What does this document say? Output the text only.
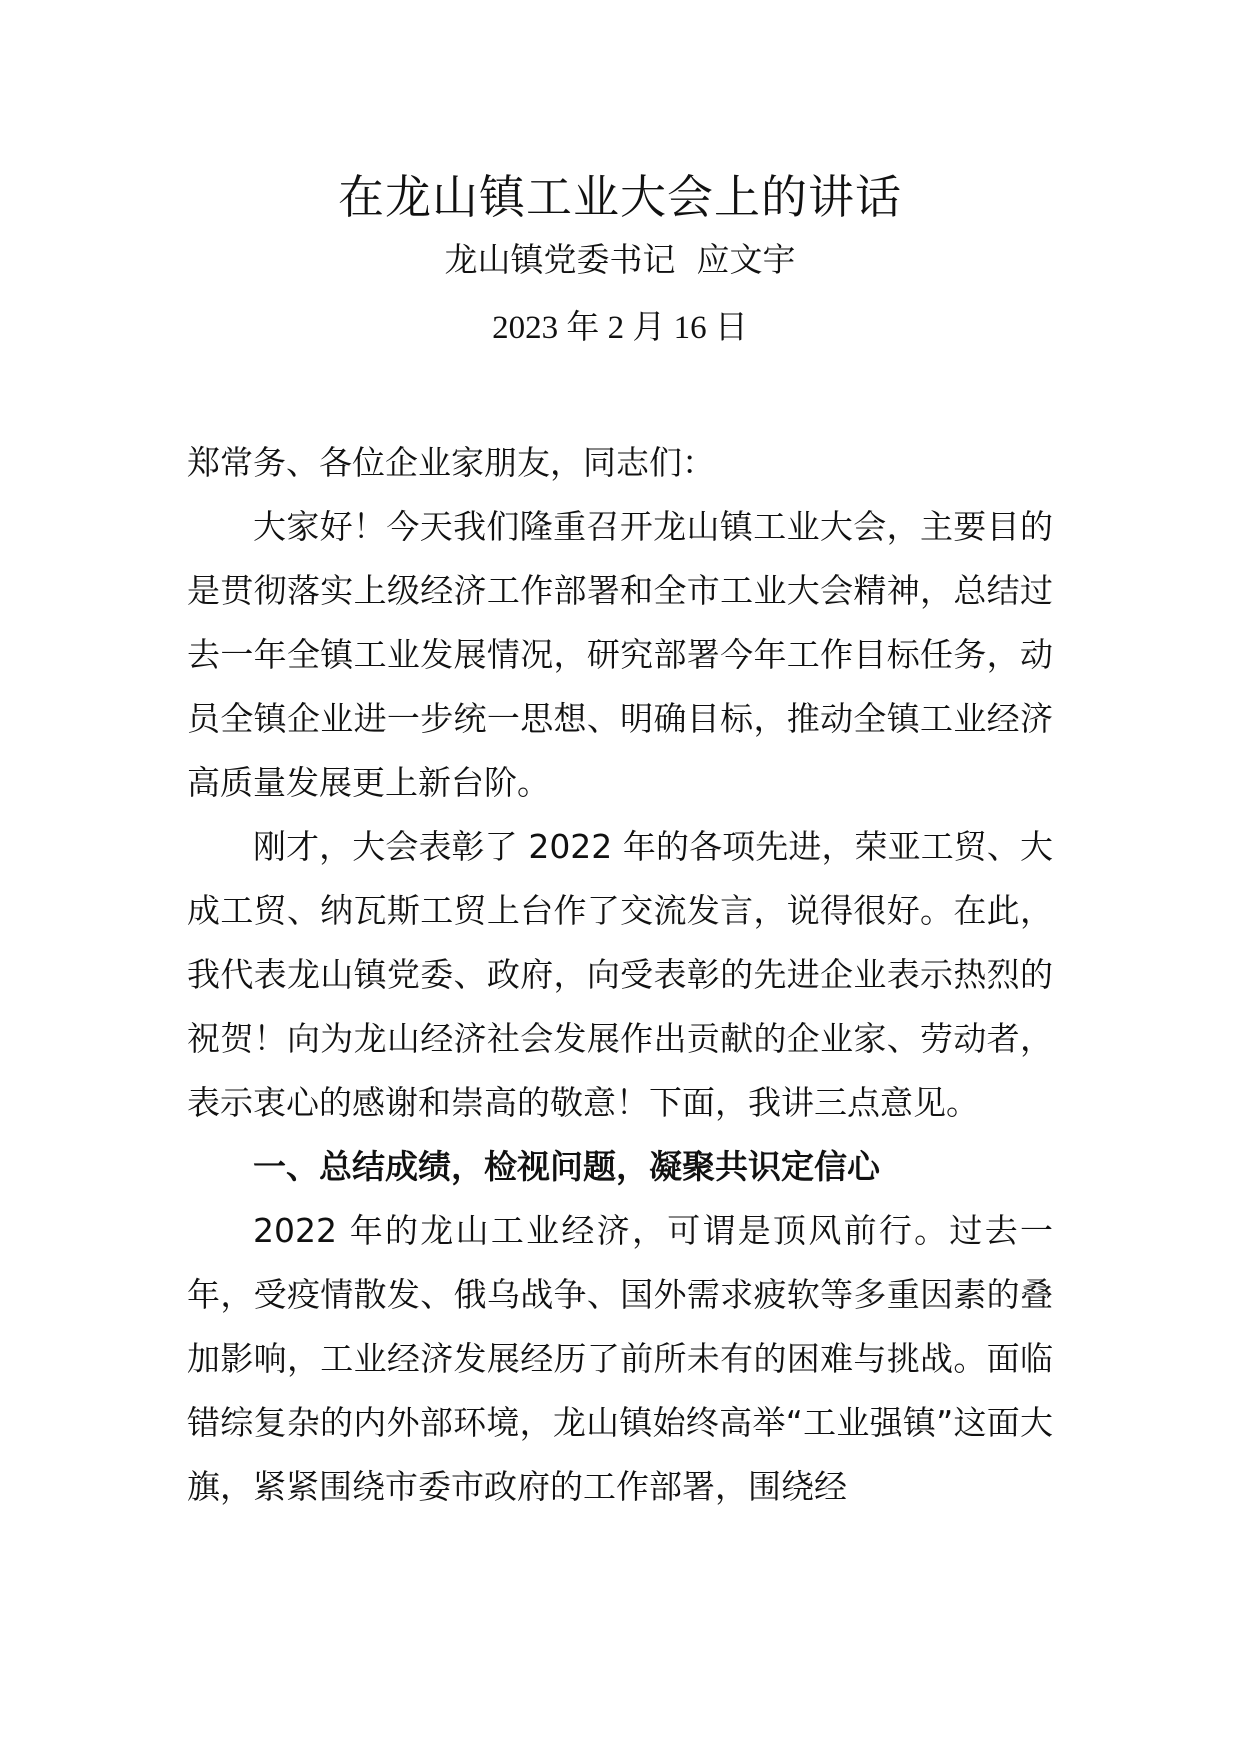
在龙山镇工业大会上的讲话

龙山镇党委书记  应文宇

2023 年 2 月 16 日

郑常务、各位企业家朋友，同志们：

大家好！今天我们隆重召开龙山镇工业大会，主要目的是贯彻落实上级经济工作部署和全市工业大会精神，总结过去一年全镇工业发展情况，研究部署今年工作目标任务，动员全镇企业进一步统一思想、明确目标，推动全镇工业经济高质量发展更上新台阶。

刚才，大会表彰了 2022 年的各项先进，荣亚工贸、大成工贸、纳瓦斯工贸上台作了交流发言，说得很好。在此，我代表龙山镇党委、政府，向受表彰的先进企业表示热烈的祝贺！向为龙山经济社会发展作出贡献的企业家、劳动者，表示衷心的感谢和崇高的敬意！下面，我讲三点意见。

一、总结成绩，检视问题，凝聚共识定信心

2022 年的龙山工业经济，可谓是顶风前行。过去一年，受疫情散发、俄乌战争、国外需求疲软等多重因素的叠加影响，工业经济发展经历了前所未有的困难与挑战。面临错综复杂的内外部环境，龙山镇始终高举“工业强镇”这面大旗，紧紧围绕市委市政府的工作部署，围绕经
